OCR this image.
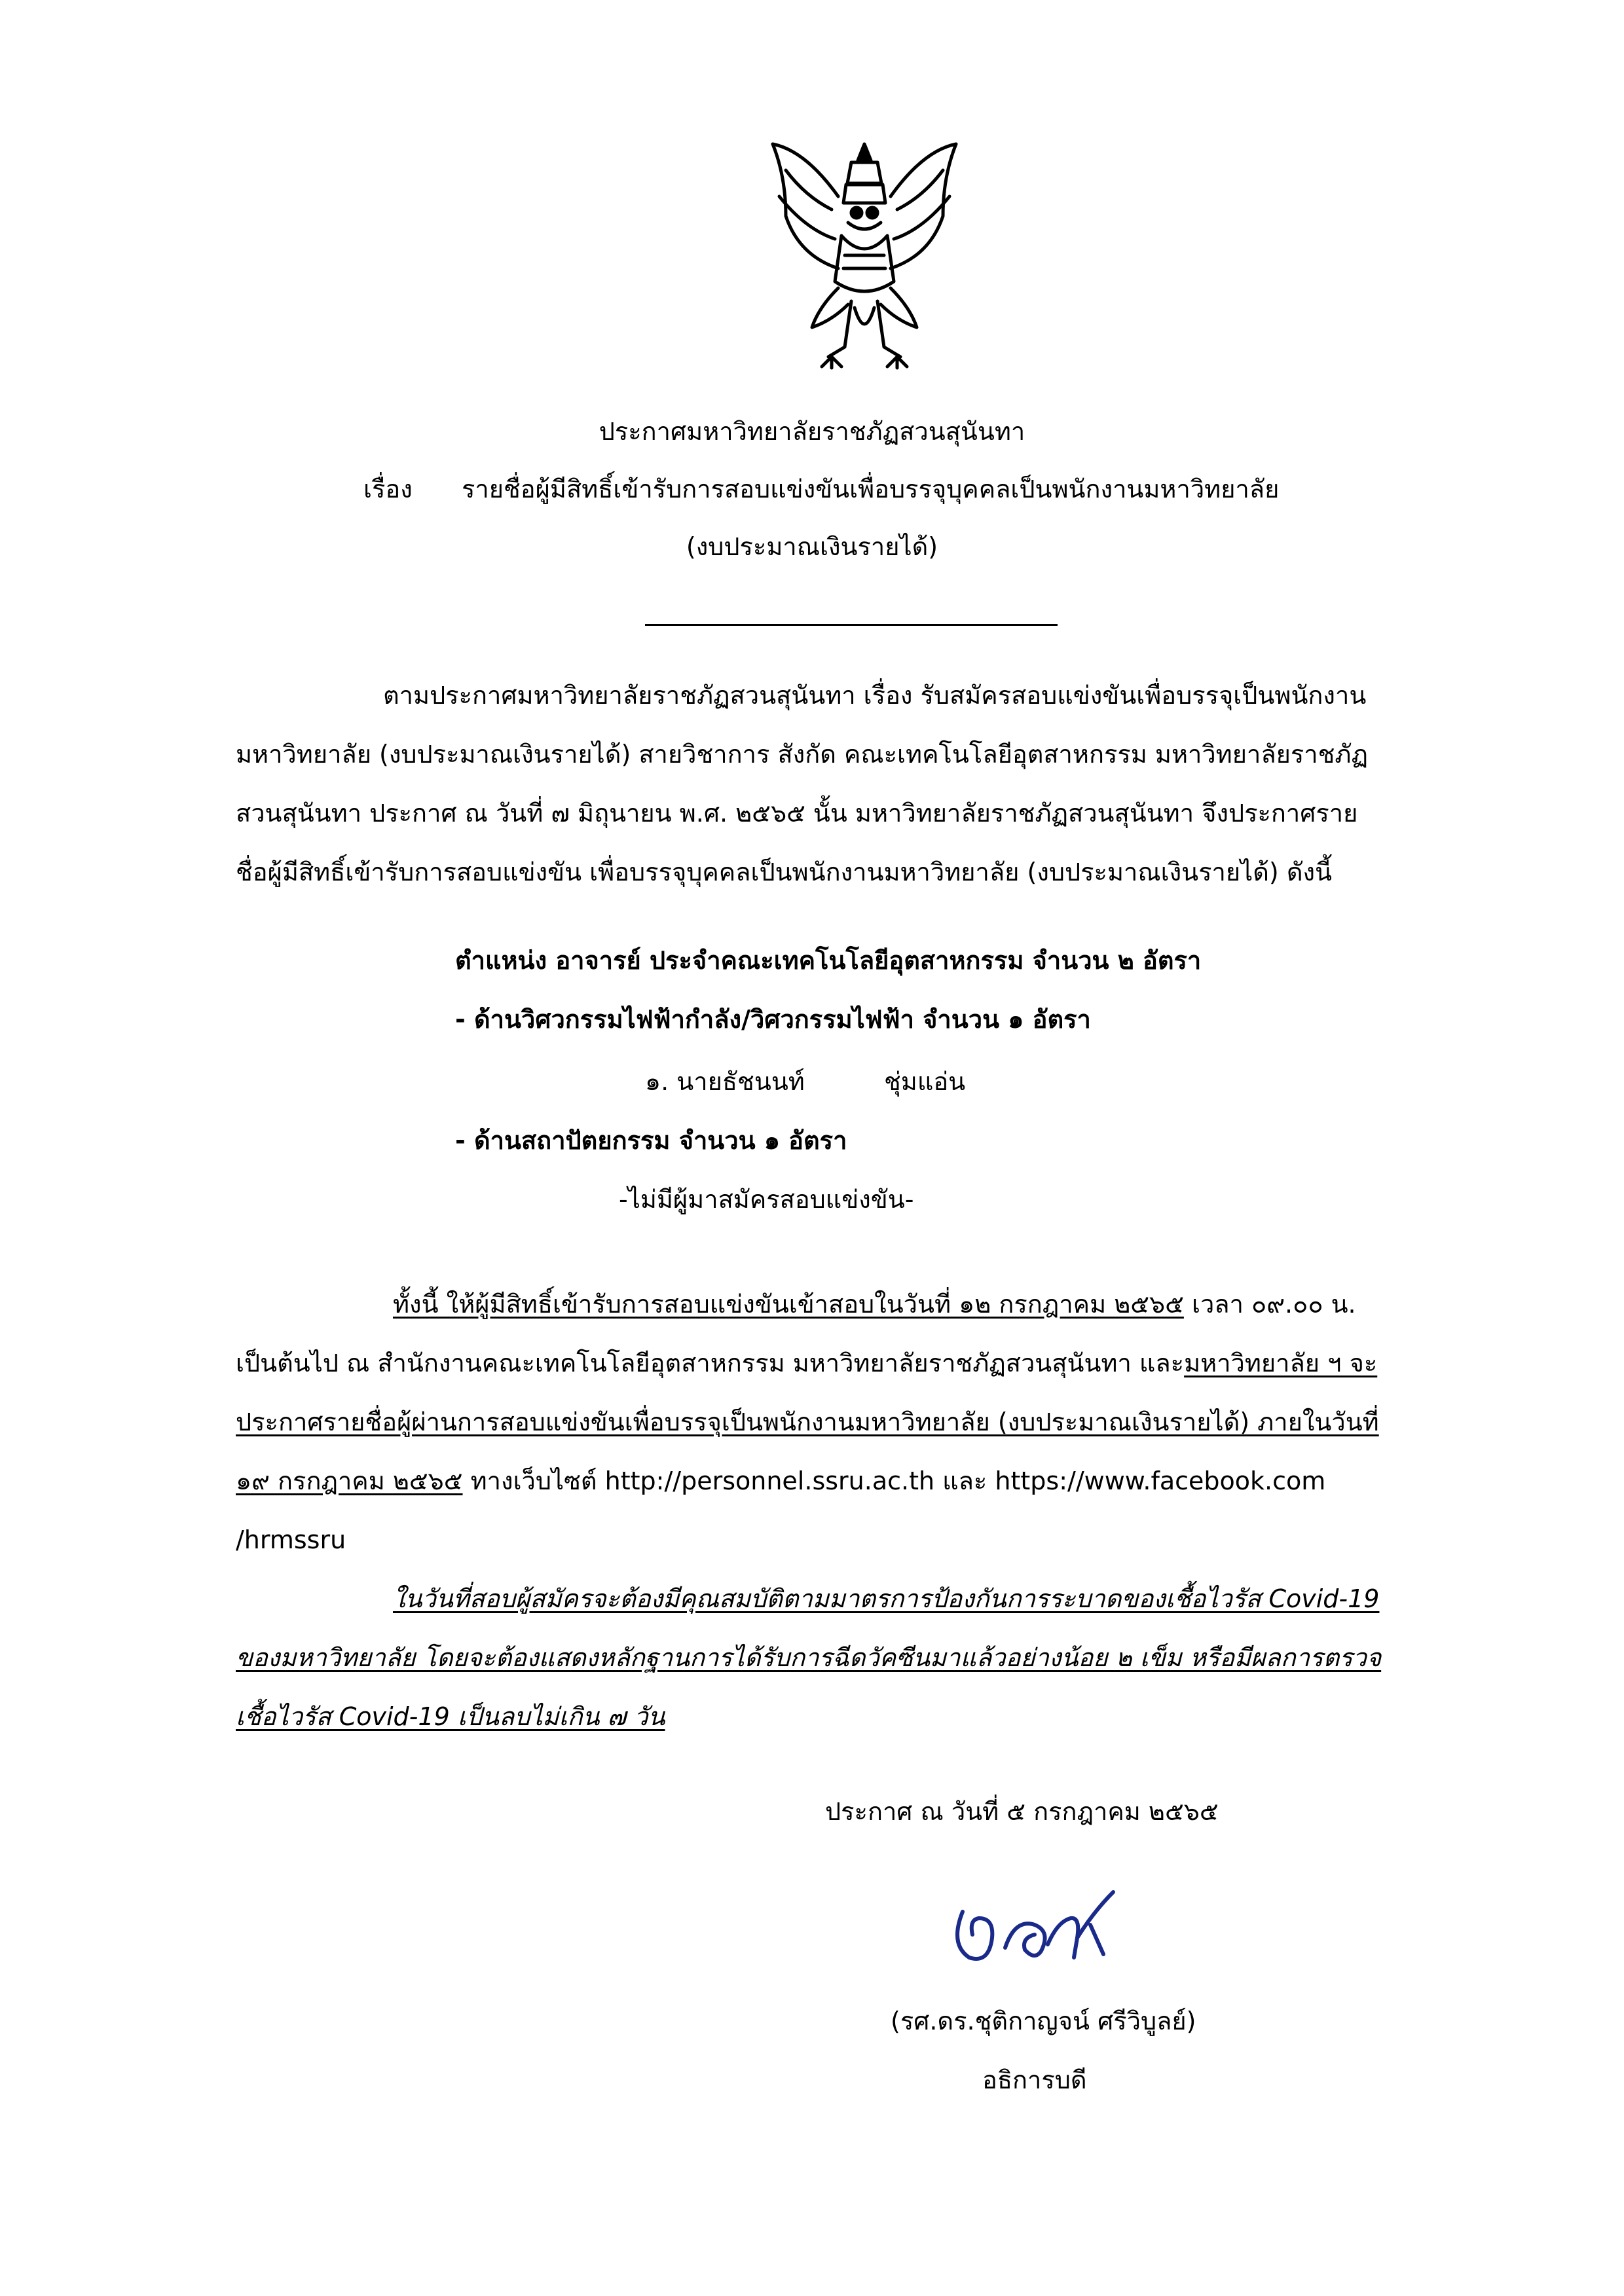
ประกาศมหาวิทยาลัยราชภัฏสวนสุนันทา
เรื่อง รายชื่อผู้มีสิทธิ์เข้ารับการสอบแข่งขันเพื่อบรรจุบุคคลเป็นพนักงานมหาวิทยาลัย
(งบประมาณเงินรายได้)
ตามประกาศมหาวิทยาลัยราชภัฏสวนสุนันทา เรื่อง รับสมัครสอบแข่งขันเพื่อบรรจุเป็นพนักงาน
มหาวิทยาลัย (งบประมาณเงินรายได้) สายวิชาการ สังกัด คณะเทคโนโลยีอุตสาหกรรม มหาวิทยาลัยราชภัฏ
สวนสุนันทา ประกาศ ณ วันที่ ๗ มิถุนายน พ.ศ. ๒๕๖๕ นั้น มหาวิทยาลัยราชภัฏสวนสุนันทา จึงประกาศราย
ชื่อผู้มีสิทธิ์เข้ารับการสอบแข่งขัน เพื่อบรรจุบุคคลเป็นพนักงานมหาวิทยาลัย (งบประมาณเงินรายได้) ดังนี้
ตำแหน่ง อาจารย์ ประจำคณะเทคโนโลยีอุตสาหกรรม จำนวน ๒ อัตรา
- ด้านวิศวกรรมไฟฟ้ากำลัง/วิศวกรรมไฟฟ้า จำนวน ๑ อัตรา
๑. นายธัชนนท์	ชุ่มแอ่น
- ด้านสถาปัตยกรรม จำนวน ๑ อัตรา
-ไม่มีผู้มาสมัครสอบแข่งขัน-
ทั้งนี้ ให้ผู้มีสิทธิ์เข้ารับการสอบแข่งขันเข้าสอบในวันที่ ๑๒ กรกฎาคม ๒๕๖๕ เวลา ๐๙.๐๐ น.
เป็นต้นไป ณ สำนักงานคณะเทคโนโลยีอุตสาหกรรม มหาวิทยาลัยราชภัฏสวนสุนันทา และมหาวิทยาลัย ฯ จะ
ประกาศรายชื่อผู้ผ่านการสอบแข่งขันเพื่อบรรจุเป็นพนักงานมหาวิทยาลัย (งบประมาณเงินรายได้) ภายในวันที่
๑๙ กรกฎาคม ๒๕๖๕ ทางเว็บไซต์ http://personnel.ssru.ac.th และ https://www.facebook.com
/hrmssru
ในวันที่สอบผู้สมัครจะต้องมีคุณสมบัติตามมาตรการป้องกันการระบาดของเชื้อไวรัส Covid-19
ของมหาวิทยาลัย โดยจะต้องแสดงหลักฐานการได้รับการฉีดวัคซีนมาแล้วอย่างน้อย ๒ เข็ม หรือมีผลการตรวจ
เชื้อไวรัส Covid-19 เป็นลบไม่เกิน ๗ วัน
ประกาศ ณ วันที่ ๕ กรกฎาคม ๒๕๖๕
(รศ.ดร.ชุติกาญจน์ ศรีวิบูลย์)
อธิการบดี
